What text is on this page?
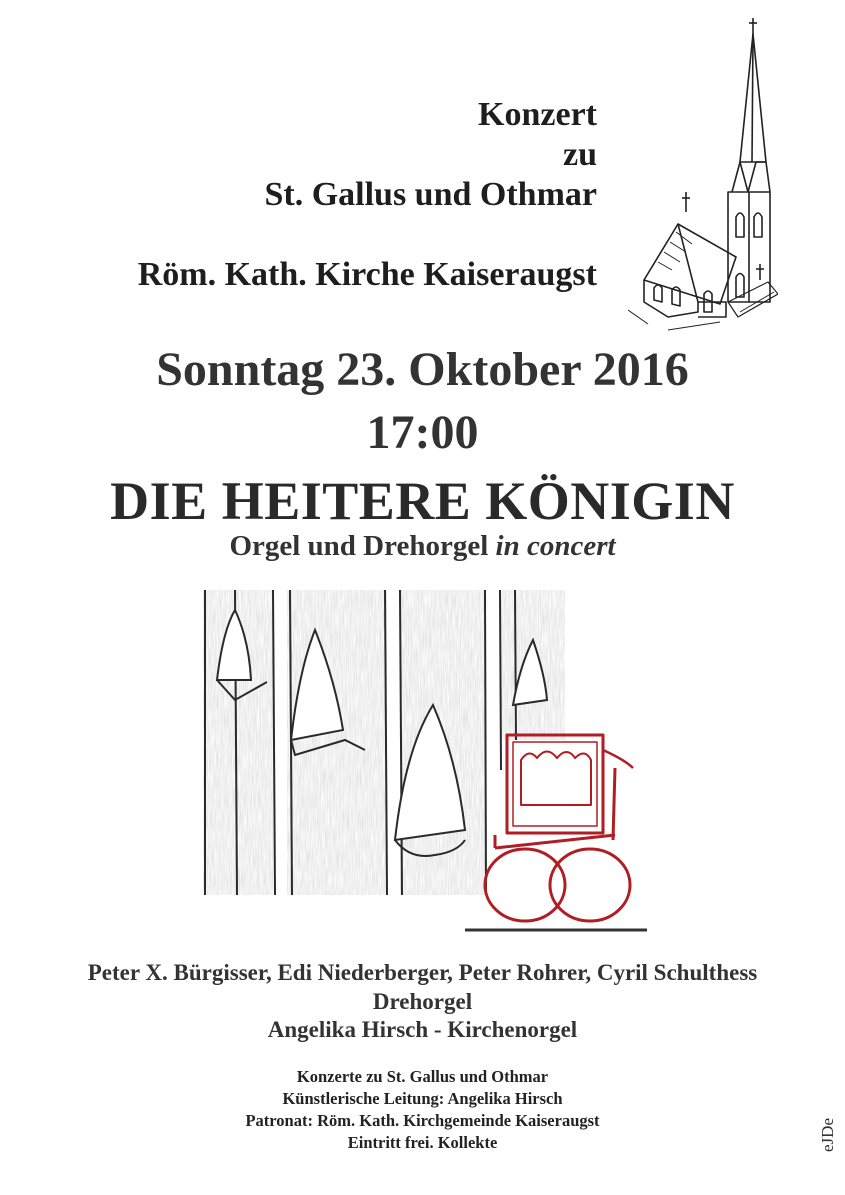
Konzert
zu
St. Gallus und Othmar
Röm. Kath. Kirche Kaiseraugst
Sonntag 23. Oktober 2016
17:00
DIE HEITERE KÖNIGIN
Orgel und Drehorgel in concert
Peter X. Bürgisser, Edi Niederberger, Peter Rohrer, Cyril Schulthess
Drehorgel
Angelika Hirsch - Kirchenorgel
Konzerte zu St. Gallus und Othmar
Künstlerische Leitung: Angelika Hirsch
Patronat: Röm. Kath. Kirchgemeinde Kaiseraugst
Eintritt frei. Kollekte	eJDe
